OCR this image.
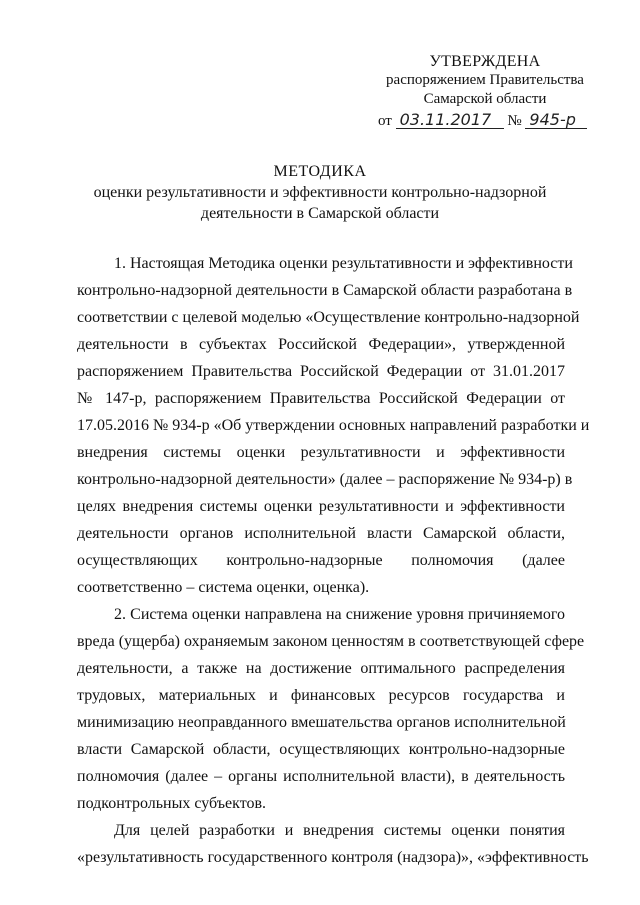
УТВЕРЖДЕНА
распоряжением Правительства
Самарской области
от 03.11.2017 № 945-р
МЕТОДИКА
оценки результативности и эффективности контрольно-надзорной
деятельности в Самарской области
1. Настоящая Методика оценки результативности и эффективности
контрольно-надзорной деятельности в Самарской области разработана в
соответствии с целевой моделью «Осуществление контрольно-надзорной
деятельности в субъектах Российской Федерации», утвержденной
распоряжением Правительства Российской Федерации от 31.01.2017
№ 147-р, распоряжением Правительства Российской Федерации от
17.05.2016 № 934-р «Об утверждении основных направлений разработки и
внедрения системы оценки результативности и эффективности
контрольно-надзорной деятельности» (далее – распоряжение № 934-р) в
целях внедрения системы оценки результативности и эффективности
деятельности органов исполнительной власти Самарской области,
осуществляющих контрольно-надзорные полномочия (далее
соответственно – система оценки, оценка).
2. Система оценки направлена на снижение уровня причиняемого
вреда (ущерба) охраняемым законом ценностям в соответствующей сфере
деятельности, а также на достижение оптимального распределения
трудовых, материальных и финансовых ресурсов государства и
минимизацию неоправданного вмешательства органов исполнительной
власти Самарской области, осуществляющих контрольно-надзорные
полномочия (далее – органы исполнительной власти), в деятельность
подконтрольных субъектов.
Для целей разработки и внедрения системы оценки понятия
«результативность государственного контроля (надзора)», «эффективность
